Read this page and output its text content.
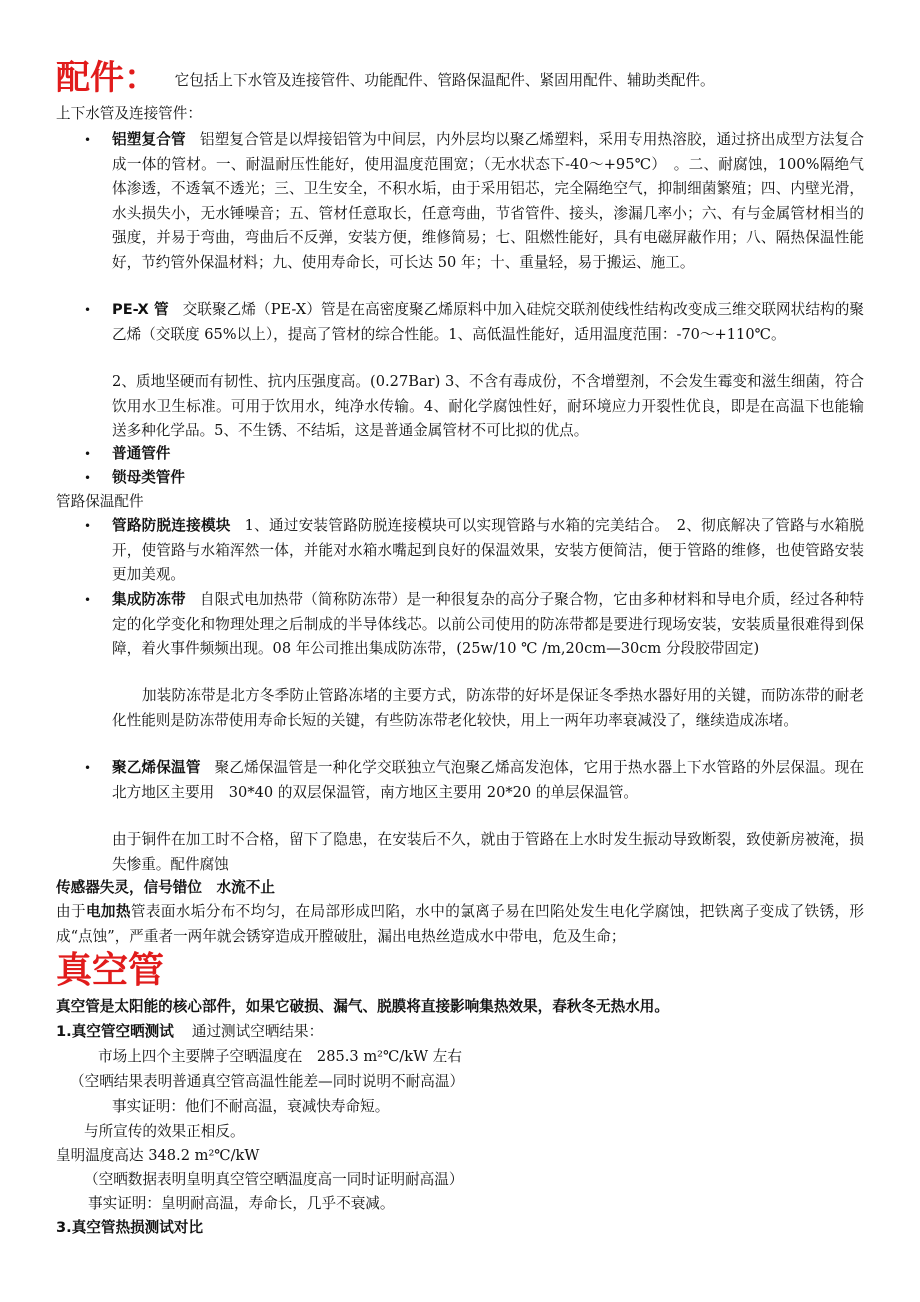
配件： 它包括上下水管及连接管件、功能配件、管路保温配件、紧固用配件、辅助类配件。
上下水管及连接管件：
• 铝塑复合管 铝塑复合管是以焊接铝管为中间层，内外层均以聚乙烯塑料，采用专用热溶胶，通过挤出成型方法复合成一体的管材。一、耐温耐压性能好，使用温度范围宽；（无水状态下-40～+95℃）　。二、耐腐蚀，100%隔绝气体渗透，不透氧不透光；三、卫生安全，不积水垢，由于采用铝芯，完全隔绝空气，抑制细菌繁殖；四、内壁光滑，水头损失小，无水锤噪音；五、管材任意取长，任意弯曲，节省管件、接头，渗漏几率小；六、有与金属管材相当的强度，并易于弯曲，弯曲后不反弹，安装方便，维修简易；七、阻燃性能好，具有电磁屏蔽作用；八、隔热保温性能好，节约管外保温材料；九、使用寿命长，可长达 50 年；十、重量轻，易于搬运、施工。
• PE-X 管 交联聚乙烯（PE-X）管是在高密度聚乙烯原料中加入硅烷交联剂使线性结构改变成三维交联网状结构的聚乙烯（交联度 65%以上），提高了管材的综合性能。1、高低温性能好，适用温度范围：-70～+110℃。
2、质地坚硬而有韧性、抗内压强度高。(0.27Bar) 3、不含有毒成份，不含增塑剂，不会发生霉变和滋生细菌，符合饮用水卫生标准。可用于饮用水，纯净水传输。4、耐化学腐蚀性好，耐环境应力开裂性优良，即是在高温下也能输送多种化学品。5、不生锈、不结垢，这是普通金属管材不可比拟的优点。
• 普通管件
• 锁母类管件
管路保温配件
• 管路防脱连接模块 1、通过安装管路防脱连接模块可以实现管路与水箱的完美结合。　2、彻底解决了管路与水箱脱开，使管路与水箱浑然一体，并能对水箱水嘴起到良好的保温效果，安装方便简洁，便于管路的维修，也使管路安装更加美观。
• 集成防冻带 自限式电加热带（简称防冻带）是一种很复杂的高分子聚合物，它由多种材料和导电介质，经过各种特定的化学变化和物理处理之后制成的半导体线芯。以前公司使用的防冻带都是要进行现场安装，安装质量很难得到保障，着火事件频频出现。08 年公司推出集成防冻带，(25w/10 ℃ /m,20cm—30cm 分段胶带固定)
加装防冻带是北方冬季防止管路冻堵的主要方式，防冻带的好坏是保证冬季热水器好用的关键，而防冻带的耐老化性能则是防冻带使用寿命长短的关键，有些防冻带老化较快，用上一两年功率衰减没了，继续造成冻堵。
• 聚乙烯保温管 聚乙烯保温管是一种化学交联独立气泡聚乙烯高发泡体，它用于热水器上下水管路的外层保温。现在北方地区主要用　30*40 的双层保温管，南方地区主要用 20*20 的单层保温管。
由于铜件在加工时不合格，留下了隐患，在安装后不久，就由于管路在上水时发生振动导致断裂，致使新房被淹，损失惨重。配件腐蚀
传感器失灵，信号错位　水流不止
由于电加热管表面水垢分布不均匀，在局部形成凹陷，水中的氯离子易在凹陷处发生电化学腐蚀，把铁离子变成了铁锈，形成“点蚀”，严重者一两年就会锈穿造成开膛破肚，漏出电热丝造成水中带电，危及生命；
真空管
真空管是太阳能的核心部件，如果它破损、漏气、脱膜将直接影响集热效果，春秋冬无热水用。
1.真空管空晒测试 通过测试空晒结果：
市场上四个主要牌子空晒温度在　285.3 m²℃/kW 左右
（空晒结果表明普通真空管高温性能差—同时说明不耐高温）
事实证明：他们不耐高温，衰减快寿命短。
与所宣传的效果正相反。
皇明温度高达 348.2 m²℃/kW
（空晒数据表明皇明真空管空晒温度高一同时证明耐高温）
事实证明：皇明耐高温，寿命长，几乎不衰减。
3.真空管热损测试对比
